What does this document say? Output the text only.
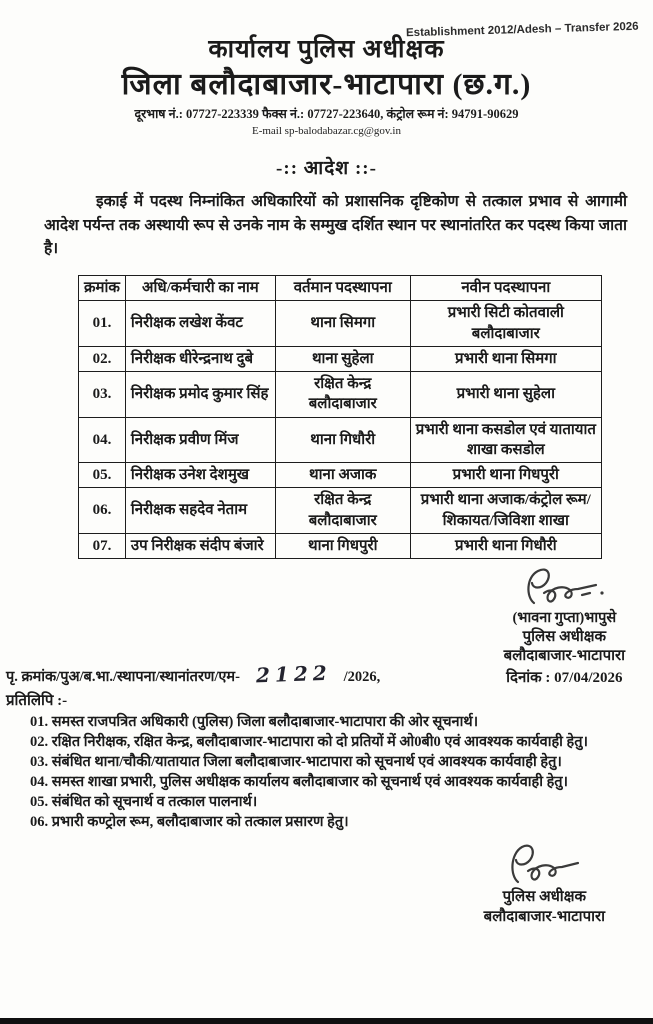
Establishment 2012/Adesh – Transfer 2026
कार्यालय पुलिस अधीक्षक
जिला बलौदाबाजार-भाटापारा (छ.ग.)
दूरभाष नं.: 07727-223339 फैक्स नं.: 07727-223640, कंट्रोल रूम नं: 94791-90629
E-mail sp-balodabazar.cg@gov.in
-:: आदेश ::-

इकाई में पदस्थ निम्नांकित अधिकारियों को प्रशासनिक दृष्टिकोण से तत्काल प्रभाव से आगामी आदेश पर्यन्त तक अस्थायी रूप से उनके नाम के सम्मुख दर्शित स्थान पर स्थानांतरित कर पदस्थ किया जाता है।

क्रमांक	अधि/कर्मचारी का नाम	वर्तमान पदस्थापना	नवीन पदस्थापना
01.	निरीक्षक लखेश केंवट	थाना सिमगा	प्रभारी सिटी कोतवाली बलौदाबाजार
02.	निरीक्षक धीरेन्द्रनाथ दुबे	थाना सुहेला	प्रभारी थाना सिमगा
03.	निरीक्षक प्रमोद कुमार सिंह	रक्षित केन्द्र बलौदाबाजार	प्रभारी थाना सुहेला
04.	निरीक्षक प्रवीण मिंज	थाना गिधौरी	प्रभारी थाना कसडोल एवं यातायात शाखा कसडोल
05.	निरीक्षक उनेश देशमुख	थाना अजाक	प्रभारी थाना गिधपुरी
06.	निरीक्षक सहदेव नेताम	रक्षित केन्द्र बलौदाबाजार	प्रभारी थाना अजाक/कंट्रोल रूम/ शिकायत/जिविशा शाखा
07.	उप निरीक्षक संदीप बंजारे	थाना गिधपुरी	प्रभारी थाना गिधौरी
पृ. क्रमांक/पुअ/ब.भा./स्थापना/स्थानांतरण/एम- 2122 /2026,
(भावना गुप्ता)भापुसे
पुलिस अधीक्षक
बलौदाबाजार-भाटापारा
दिनांक : 07/04/2026
प्रतिलिपि :-
01. समस्त राजपत्रित अधिकारी (पुलिस) जिला बलौदाबाजार-भाटापारा की ओर सूचनार्थ।
02. रक्षित निरीक्षक, रक्षित केन्द्र, बलौदाबाजार-भाटापारा को दो प्रतियों में ओ0बी0 एवं आवश्यक कार्यवाही हेतु।
03. संबंधित थाना/चौकी/यातायात जिला बलौदाबाजार-भाटापारा को सूचनार्थ एवं आवश्यक कार्यवाही हेतु।
04. समस्त शाखा प्रभारी, पुलिस अधीक्षक कार्यालय बलौदाबाजार को सूचनार्थ एवं आवश्यक कार्यवाही हेतु।
05. संबंधित को सूचनार्थ व तत्काल पालनार्थ।
06. प्रभारी कण्ट्रोल रूम, बलौदाबाजार को तत्काल प्रसारण हेतु।
पुलिस अधीक्षक
बलौदाबाजार-भाटापारा
